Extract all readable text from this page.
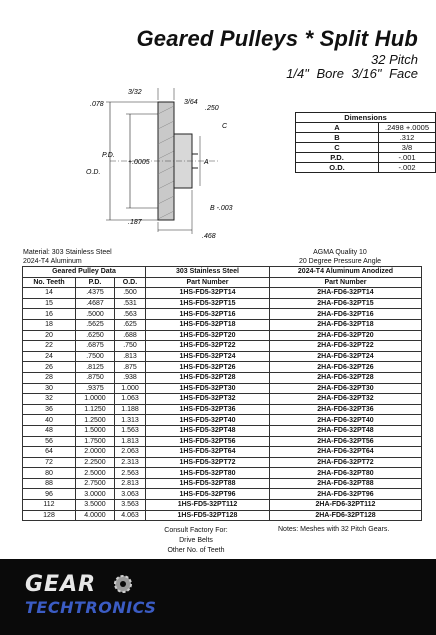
Geared Pulleys * Split Hub
32 Pitch
1/4" Bore 3/16" Face
.078
3/32
3/64
.250
C
P.D.
+.0005	A
O.D.
.187
B -.003
.468
Dimensions	
A	.2498 +.0005
B	.312
C	3/8
P.D.	-.001
O.D.	-.002
Material: 303 Stainless Steel
2024-T4 Aluminum
AGMA Quality 10
20 Degree Pressure Angle
Geared Pulley Data			303 Stainless Steel	2024-T4 Aluminum Anodized
No. Teeth	P.D.	O.D.	Part Number	Part Number
14	.4375	.500	1HS-FD5-32PT14	2HA-FD6-32PT14
15	.4687	.531	1HS-FD5-32PT15	2HA-FD6-32PT15
16	.5000	.563	1HS-FD5-32PT16	2HA-FD6-32PT16
18	.5625	.625	1HS-FD5-32PT18	2HA-FD6-32PT18
20	.6250	.688	1HS-FD5-32PT20	2HA-FD6-32PT20
22	.6875	.750	1HS-FD5-32PT22	2HA-FD6-32PT22
24	.7500	.813	1HS-FD5-32PT24	2HA-FD6-32PT24
26	.8125	.875	1HS-FD5-32PT26	2HA-FD6-32PT26
28	.8750	.938	1HS-FD5-32PT28	2HA-FD6-32PT28
30	.9375	1.000	1HS-FD5-32PT30	2HA-FD6-32PT30
32	1.0000	1.063	1HS-FD5-32PT32	2HA-FD6-32PT32
36	1.1250	1.188	1HS-FD5-32PT36	2HA-FD6-32PT36
40	1.2500	1.313	1HS-FD5-32PT40	2HA-FD6-32PT40
48	1.5000	1.563	1HS-FD5-32PT48	2HA-FD6-32PT48
56	1.7500	1.813	1HS-FD5-32PT56	2HA-FD6-32PT56
64	2.0000	2.063	1HS-FD5-32PT64	2HA-FD6-32PT64
72	2.2500	2.313	1HS-FD5-32PT72	2HA-FD6-32PT72
80	2.5000	2.563	1HS-FD5-32PT80	2HA-FD6-32PT80
88	2.7500	2.813	1HS-FD5-32PT88	2HA-FD6-32PT88
96	3.0000	3.063	1HS-FD5-32PT96	2HA-FD6-32PT96
112	3.5000	3.563	1HS-FD5-32PT112	2HA-FD6-32PT112
128	4.0000	4.063	1HS-FD5-32PT128	2HA-FD6-32PT128
Consult Factory For:
Drive Belts
Other No. of Teeth
Notes: Meshes with 32 Pitch Gears.
GEAR
TECHTRONICS
